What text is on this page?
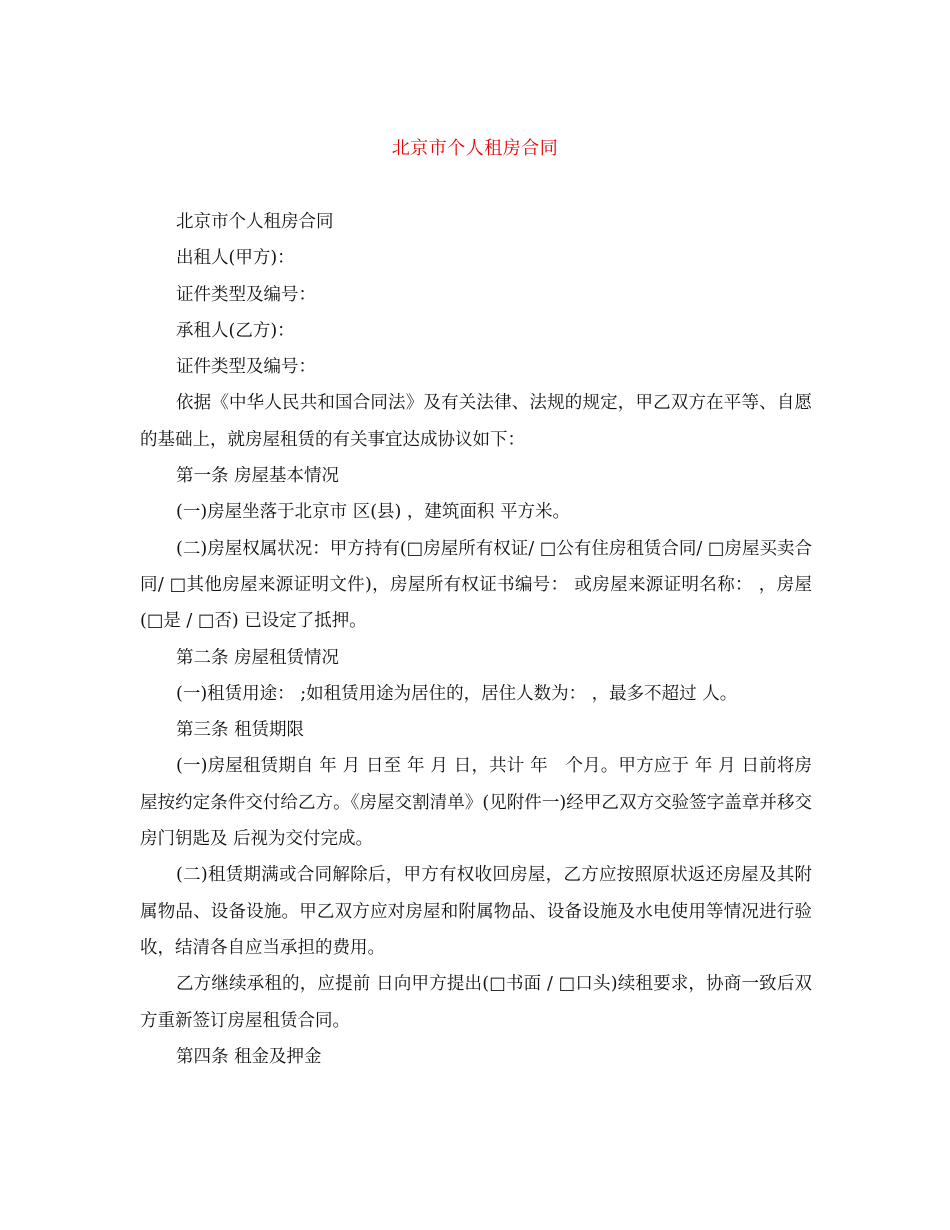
北京市个人租房合同

北京市个人租房合同

出租人(甲方)：

证件类型及编号：

承租人(乙方)：

证件类型及编号：

依据《中华人民共和国合同法》及有关法律、法规的规定，甲乙双方在平等、自愿的基础上，就房屋租赁的有关事宜达成协议如下：

第一条 房屋基本情况

(一)房屋坐落于北京市 区(县) ，建筑面积 平方米。

(二)房屋权属状况：甲方持有(□房屋所有权证/ □公有住房租赁合同/ □房屋买卖合同/ □其他房屋来源证明文件)，房屋所有权证书编号： 或房屋来源证明名称： ，房屋(□是 / □否) 已设定了抵押。

第二条 房屋租赁情况

(一)租赁用途： ;如租赁用途为居住的，居住人数为： ，最多不超过 人。

第三条 租赁期限

(一)房屋租赁期自 年 月 日至 年 月 日，共计 年　个月。甲方应于 年 月 日前将房屋按约定条件交付给乙方。《房屋交割清单》(见附件一)经甲乙双方交验签字盖章并移交房门钥匙及 后视为交付完成。

(二)租赁期满或合同解除后，甲方有权收回房屋，乙方应按照原状返还房屋及其附属物品、设备设施。甲乙双方应对房屋和附属物品、设备设施及水电使用等情况进行验收，结清各自应当承担的费用。

乙方继续承租的，应提前 日向甲方提出(□书面 / □口头)续租要求，协商一致后双方重新签订房屋租赁合同。

第四条 租金及押金
